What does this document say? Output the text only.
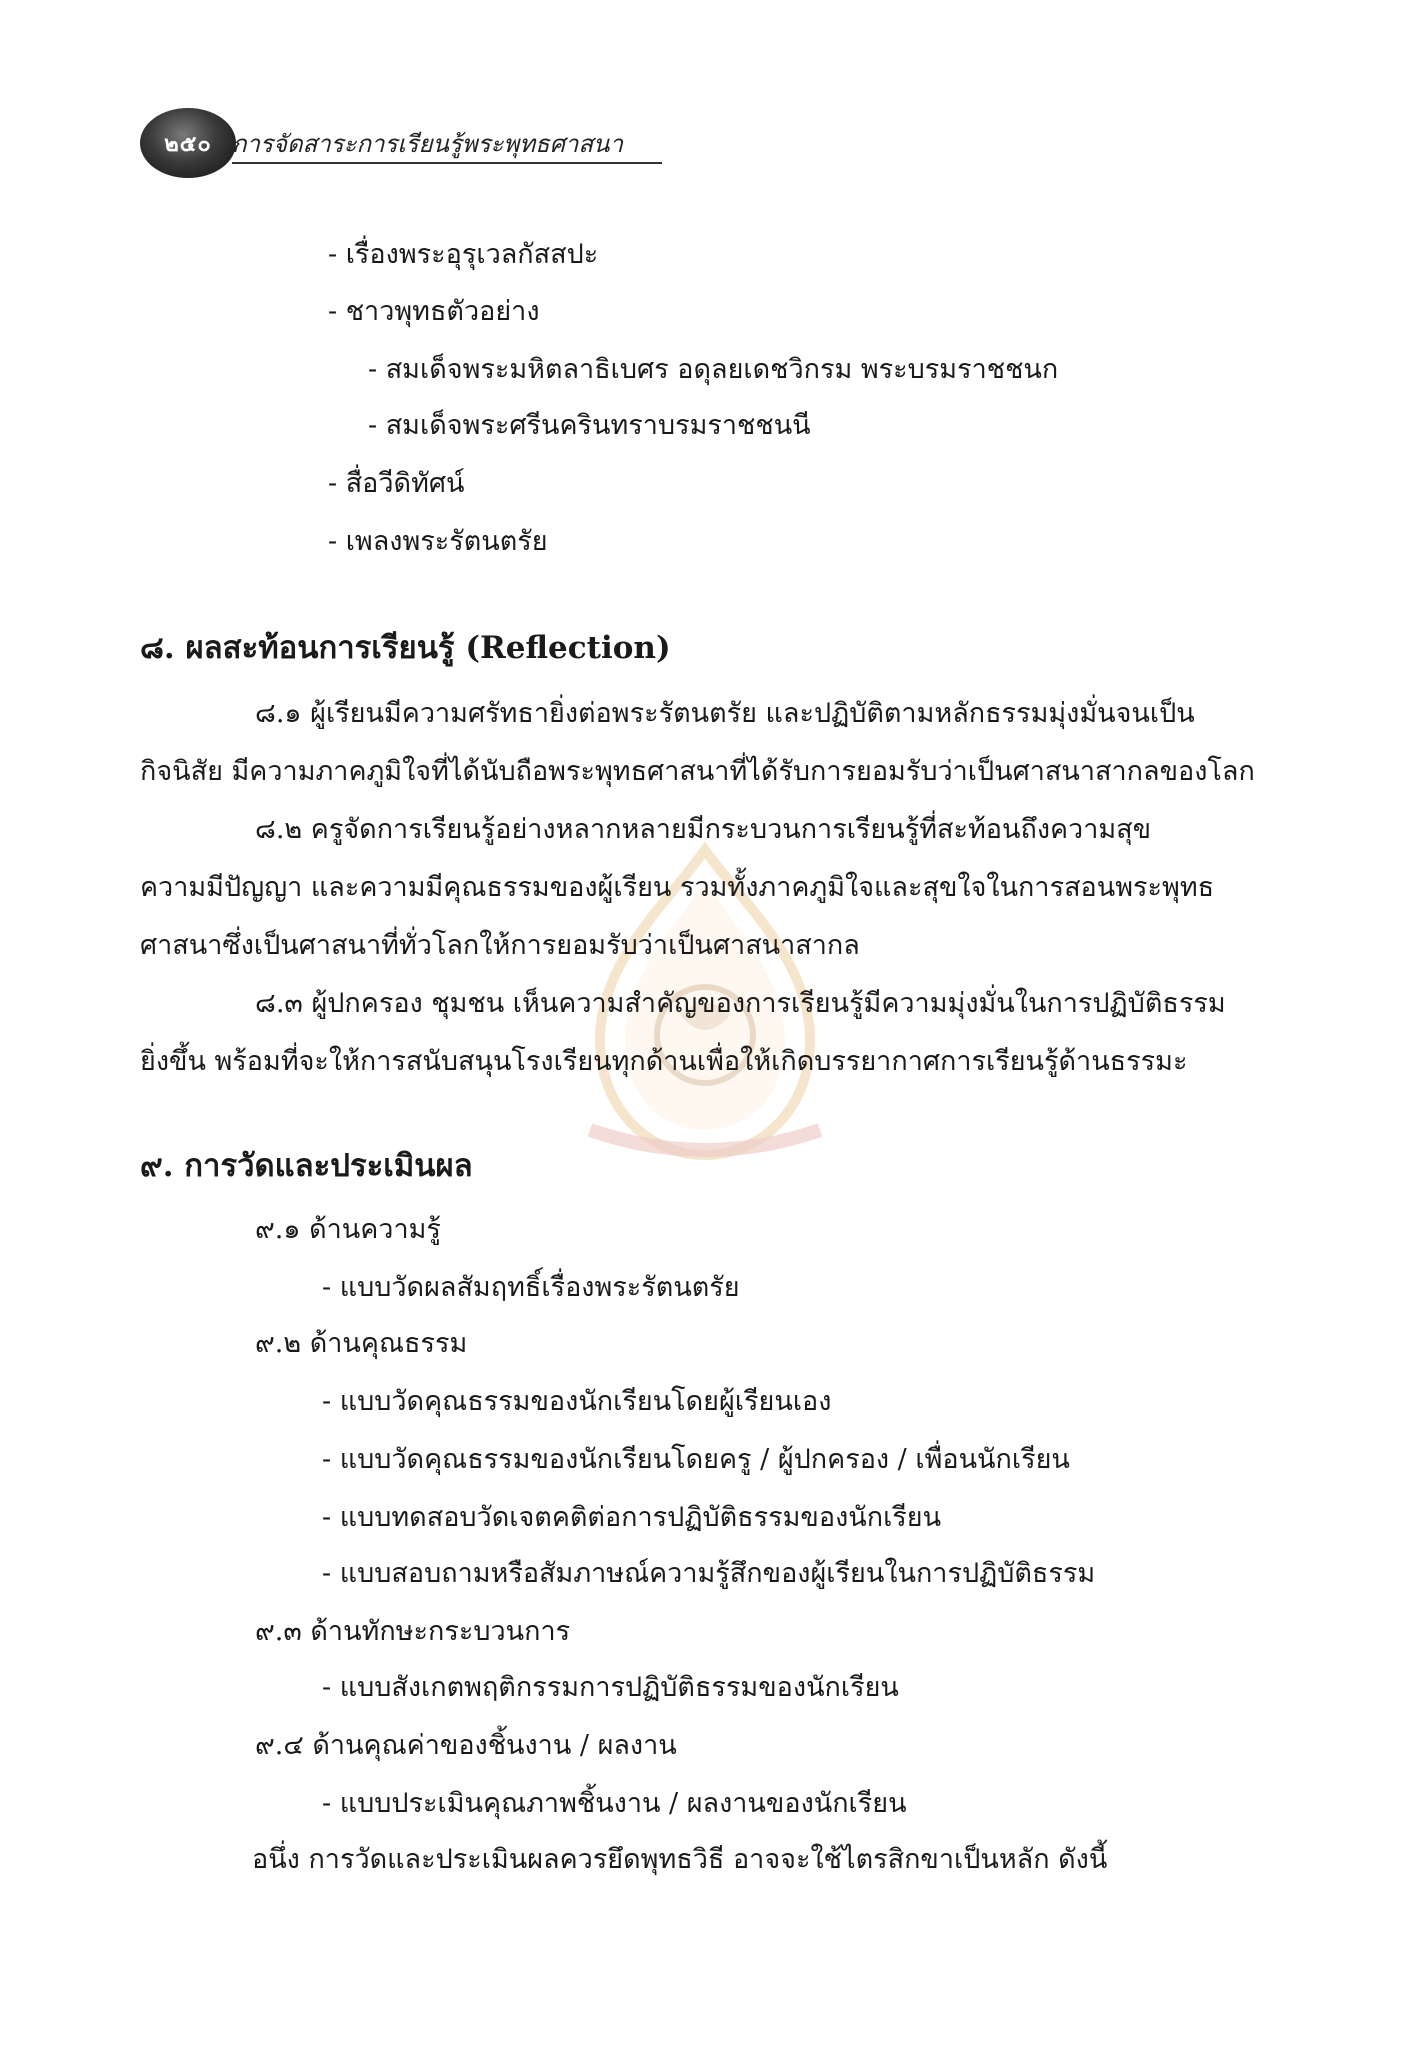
๒๕๐ การจัดสาระการเรียนรู้พระพุทธศาสนา
- เรื่องพระอุรุเวลกัสสปะ
- ชาวพุทธตัวอย่าง
- สมเด็จพระมหิตลาธิเบศร อดุลยเดชวิกรม พระบรมราชชนก
- สมเด็จพระศรีนครินทราบรมราชชนนี
- สื่อวีดิทัศน์
- เพลงพระรัตนตรัย
๘. ผลสะท้อนการเรียนรู้ (Reflection)
๘.๑ ผู้เรียนมีความศรัทธายิ่งต่อพระรัตนตรัย และปฏิบัติตามหลักธรรมมุ่งมั่นจนเป็น
กิจนิสัย มีความภาคภูมิใจที่ได้นับถือพระพุทธศาสนาที่ได้รับการยอมรับว่าเป็นศาสนาสากลของโลก
๘.๒ ครูจัดการเรียนรู้อย่างหลากหลายมีกระบวนการเรียนรู้ที่สะท้อนถึงความสุข
ความมีปัญญา และความมีคุณธรรมของผู้เรียน รวมทั้งภาคภูมิใจและสุขใจในการสอนพระพุทธ
ศาสนาซึ่งเป็นศาสนาที่ทั่วโลกให้การยอมรับว่าเป็นศาสนาสากล
๘.๓ ผู้ปกครอง ชุมชน เห็นความสำคัญของการเรียนรู้มีความมุ่งมั่นในการปฏิบัติธรรม
ยิ่งขึ้น พร้อมที่จะให้การสนับสนุนโรงเรียนทุกด้านเพื่อให้เกิดบรรยากาศการเรียนรู้ด้านธรรมะ
๙. การวัดและประเมินผล
๙.๑ ด้านความรู้
- แบบวัดผลสัมฤทธิ์เรื่องพระรัตนตรัย
๙.๒ ด้านคุณธรรม
- แบบวัดคุณธรรมของนักเรียนโดยผู้เรียนเอง
- แบบวัดคุณธรรมของนักเรียนโดยครู / ผู้ปกครอง / เพื่อนนักเรียน
- แบบทดสอบวัดเจตคติต่อการปฏิบัติธรรมของนักเรียน
- แบบสอบถามหรือสัมภาษณ์ความรู้สึกของผู้เรียนในการปฏิบัติธรรม
๙.๓ ด้านทักษะกระบวนการ
- แบบสังเกตพฤติกรรมการปฏิบัติธรรมของนักเรียน
๙.๔ ด้านคุณค่าของชิ้นงาน / ผลงาน
- แบบประเมินคุณภาพชิ้นงาน / ผลงานของนักเรียน
อนึ่ง การวัดและประเมินผลควรยึดพุทธวิธี อาจจะใช้ไตรสิกขาเป็นหลัก ดังนี้
